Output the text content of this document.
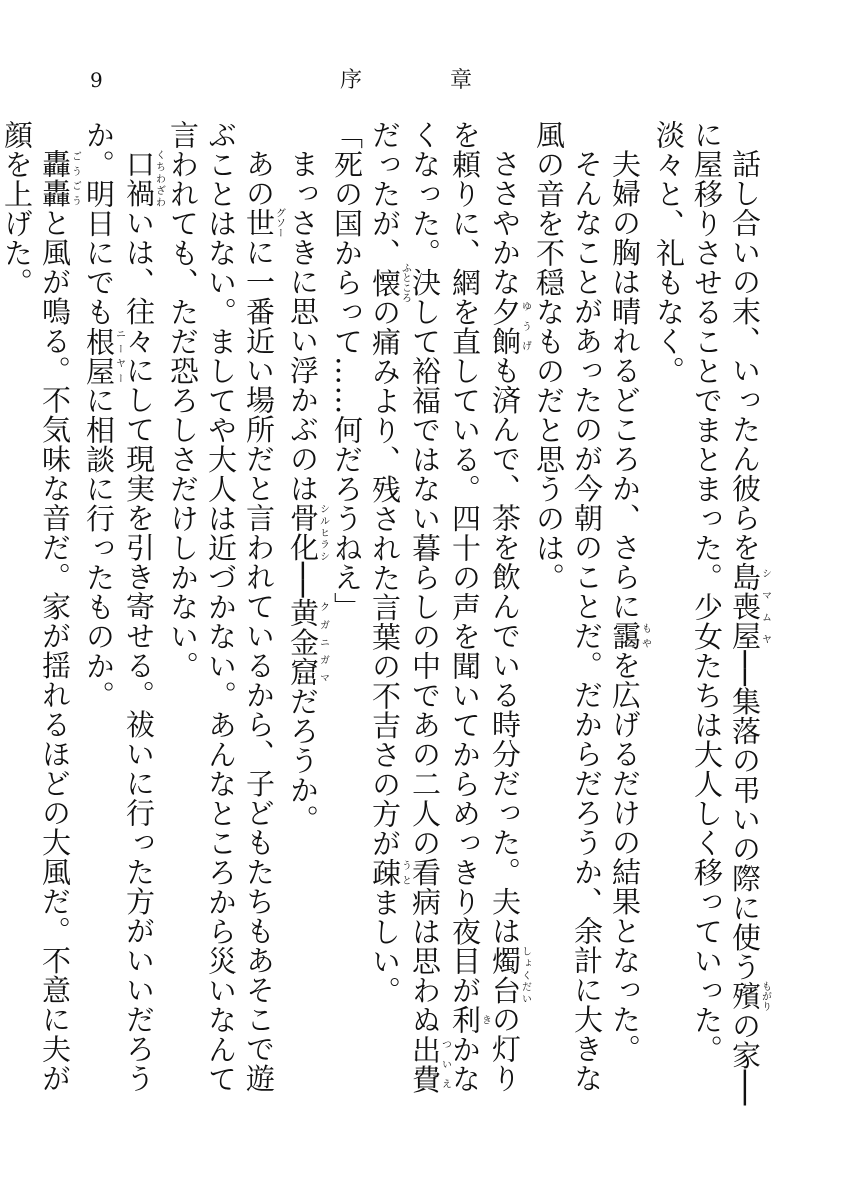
9	序章

話し合いの末、いったん彼らを島喪屋シマムヤ──集落の弔いの際に使う殯もがりの家──に屋移りさせることでまとまった。少女たちは大人しく移っていった。淡々と、礼もなく。

夫婦の胸は晴れるどころか、さらに靄もやを広げるだけの結果となった。

そんなことがあったのが今朝のことだ。だからだろうか、余計に大きな風の音を不穏なものだと思うのは。

ささやかな夕餉ゆうげも済んで、茶を飲んでいる時分だった。夫は燭台しょくだいの灯りを頼りに、網を直している。四十の声を聞いてからめっきり夜目が利きかなくなった。決して裕福ではない暮らしの中であの二人の看病は思わぬ出費ついえだったが、懐ふところの痛みより、残された言葉の不吉さの方が疎うとましい。

「死の国からって……何だろうねえ」

まっさきに思い浮かぶのは骨化シルヒラシ──黄金窟クガニガマだろうか。

あの世グソーに一番近い場所だと言われているから、子どもたちもあそこで遊ぶことはない。ましてや大人は近づかない。あんなところから災いなんて言われても、ただ恐ろしさだけしかない。

口禍くちわざわいは、往々にして現実を引き寄せる。祓いに行った方がいいだろうか。明日にでも根屋ニーヤーに相談に行ったものか。

轟轟ごうごうと風が鳴る。不気味な音だ。家が揺れるほどの大風だ。不意に夫が顔を上げた。
